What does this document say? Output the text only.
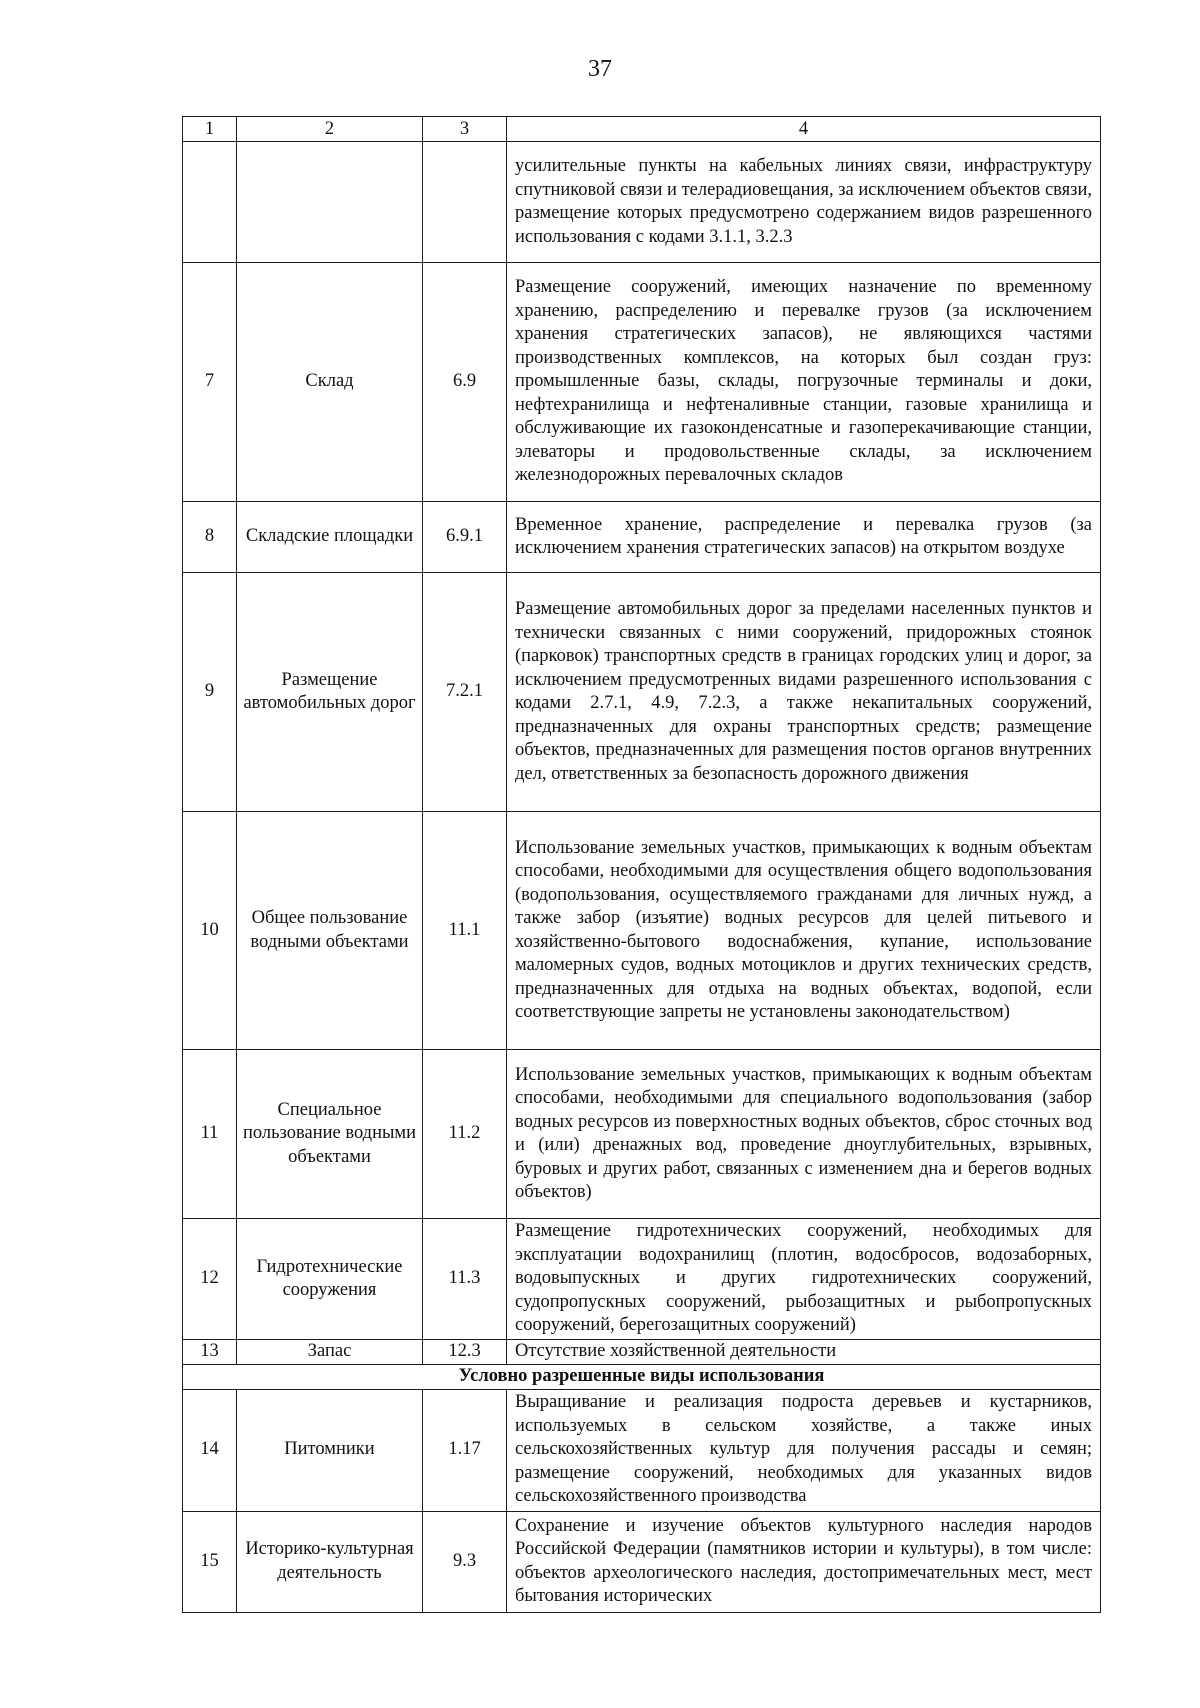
37
1	2	3	4
			усилительные пункты на кабельных линиях связи, инфраструктуру спутниковой связи и телерадиовещания, за исключением объектов связи, размещение которых предусмотрено содержанием видов разрешенного использования с кодами 3.1.1, 3.2.3
7	Склад	6.9	Размещение сооружений, имеющих назначение по временному хранению, распределению и перевалке грузов (за исключением хранения стратегических запасов), не являющихся частями производственных комплексов, на которых был создан груз: промышленные базы, склады, погрузочные терминалы и доки, нефтехранилища и нефтеналивные станции, газовые хранилища и обслуживающие их газоконденсатные и газоперекачивающие станции, элеваторы и продовольственные склады, за исключением железнодорожных перевалочных складов
8	Складские площадки	6.9.1	Временное хранение, распределение и перевалка грузов (за исключением хранения стратегических запасов) на открытом воздухе
9	Размещение автомобильных дорог	7.2.1	Размещение автомобильных дорог за пределами населенных пунктов и технически связанных с ними сооружений, придорожных стоянок (парковок) транспортных средств в границах городских улиц и дорог, за исключением предусмотренных видами разрешенного использования с кодами 2.7.1, 4.9, 7.2.3, а также некапитальных сооружений, предназначенных для охраны транспортных средств; размещение объектов, предназначенных для размещения постов органов внутренних дел, ответственных за безопасность дорожного движения
10	Общее пользование водными объектами	11.1	Использование земельных участков, примыкающих к водным объектам способами, необходимыми для осуществления общего водопользования (водопользования, осуществляемого гражданами для личных нужд, а также забор (изъятие) водных ресурсов для целей питьевого и хозяйственно-бытового водоснабжения, купание, использование маломерных судов, водных мотоциклов и других технических средств, предназначенных для отдыха на водных объектах, водопой, если соответствующие запреты не установлены законодательством)
11	Специальное пользование водными объектами	11.2	Использование земельных участков, примыкающих к водным объектам способами, необходимыми для специального водопользования (забор водных ресурсов из поверхностных водных объектов, сброс сточных вод и (или) дренажных вод, проведение дноуглубительных, взрывных, буровых и других работ, связанных с изменением дна и берегов водных объектов)
12	Гидротехнические сооружения	11.3	Размещение гидротехнических сооружений, необходимых для эксплуатации водохранилищ (плотин, водосбросов, водозаборных, водовыпускных и других гидротехнических сооружений, судопропускных сооружений, рыбозащитных и рыбопропускных сооружений, берегозащитных сооружений)
13	Запас	12.3	Отсутствие хозяйственной деятельности
Условно разрешенные виды использования			
14	Питомники	1.17	Выращивание и реализация подроста деревьев и кустарников, используемых в сельском хозяйстве, а также иных сельскохозяйственных культур для получения рассады и семян; размещение сооружений, необходимых для указанных видов сельскохозяйственного производства
15	Историко-культурная деятельность	9.3	Сохранение и изучение объектов культурного наследия народов Российской Федерации (памятников истории и культуры), в том числе: объектов археологического наследия, достопримечательных мест, мест бытования исторических
